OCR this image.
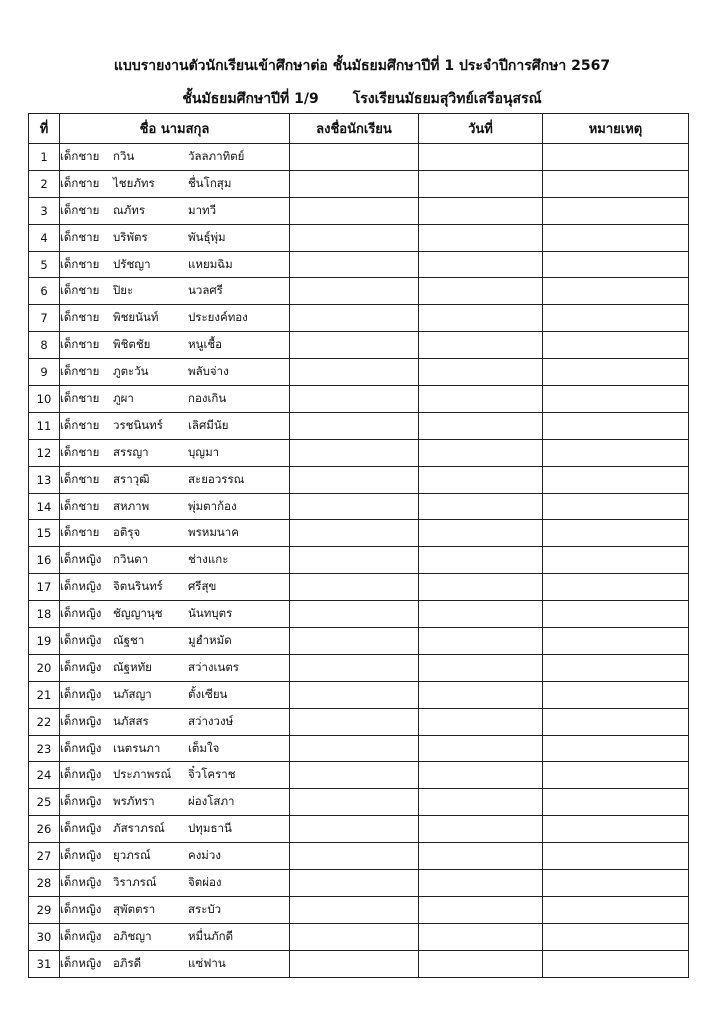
แบบรายงานตัวนักเรียนเข้าศึกษาต่อ ชั้นมัธยมศึกษาปีที่ 1 ประจำปีการศึกษา 2567
ชั้นมัธยมศึกษาปีที่ 1/9 โรงเรียนมัธยมสุวิทย์เสรีอนุสรณ์
ที่	ชื่อ นามสกุล	ลงชื่อนักเรียน	วันที่	หมายเหตุ
1	เด็กชาย กวิน วัลลภาทิตย์			
2	เด็กชาย ไชยภัทร ชื่นโกสุม			
3	เด็กชาย ณภัทร มาทวี			
4	เด็กชาย บริพัตร พันธุ์พุ่ม			
5	เด็กชาย ปรัชญา แหยมฉิม			
6	เด็กชาย ปิยะ นวลศรี			
7	เด็กชาย พิชยนันท์ ประยงค์ทอง			
8	เด็กชาย พิชิตชัย หนูเชื้อ			
9	เด็กชาย ภูตะวัน พลับจ่าง			
10	เด็กชาย ภูผา กองเกิน			
11	เด็กชาย วรชนินทร์ เลิศมีนัย			
12	เด็กชาย สรรญา บุญมา			
13	เด็กชาย สราวุฒิ สะยอวรรณ			
14	เด็กชาย สหภาพ พุ่มตาก้อง			
15	เด็กชาย อติรุจ พรหมนาค			
16	เด็กหญิง กวินดา ช่างแกะ			
17	เด็กหญิง จิตนรินทร์ ศรีสุข			
18	เด็กหญิง ชัญญานุช นันทบุตร			
19	เด็กหญิง ณัฐชา มูฮำหมัด			
20	เด็กหญิง ณัฐหทัย สว่างเนตร			
21	เด็กหญิง นภัสญา ตั้งเซียน			
22	เด็กหญิง นภัสสร สว่างวงษ์			
23	เด็กหญิง เนตรนภา เต็มใจ			
24	เด็กหญิง ประภาพรณ์ จิ๋วโคราช			
25	เด็กหญิง พรภัทรา ผ่องโสภา			
26	เด็กหญิง ภัสราภรณ์ ปทุมธานี			
27	เด็กหญิง ยุวภรณ์ คงม่วง			
28	เด็กหญิง วิราภรณ์ จิตผ่อง			
29	เด็กหญิง สุพัตตรา สระบัว			
30	เด็กหญิง อภิชญา หมื่นภักดี			
31	เด็กหญิง อภิรดี แซ่ฟาน			
